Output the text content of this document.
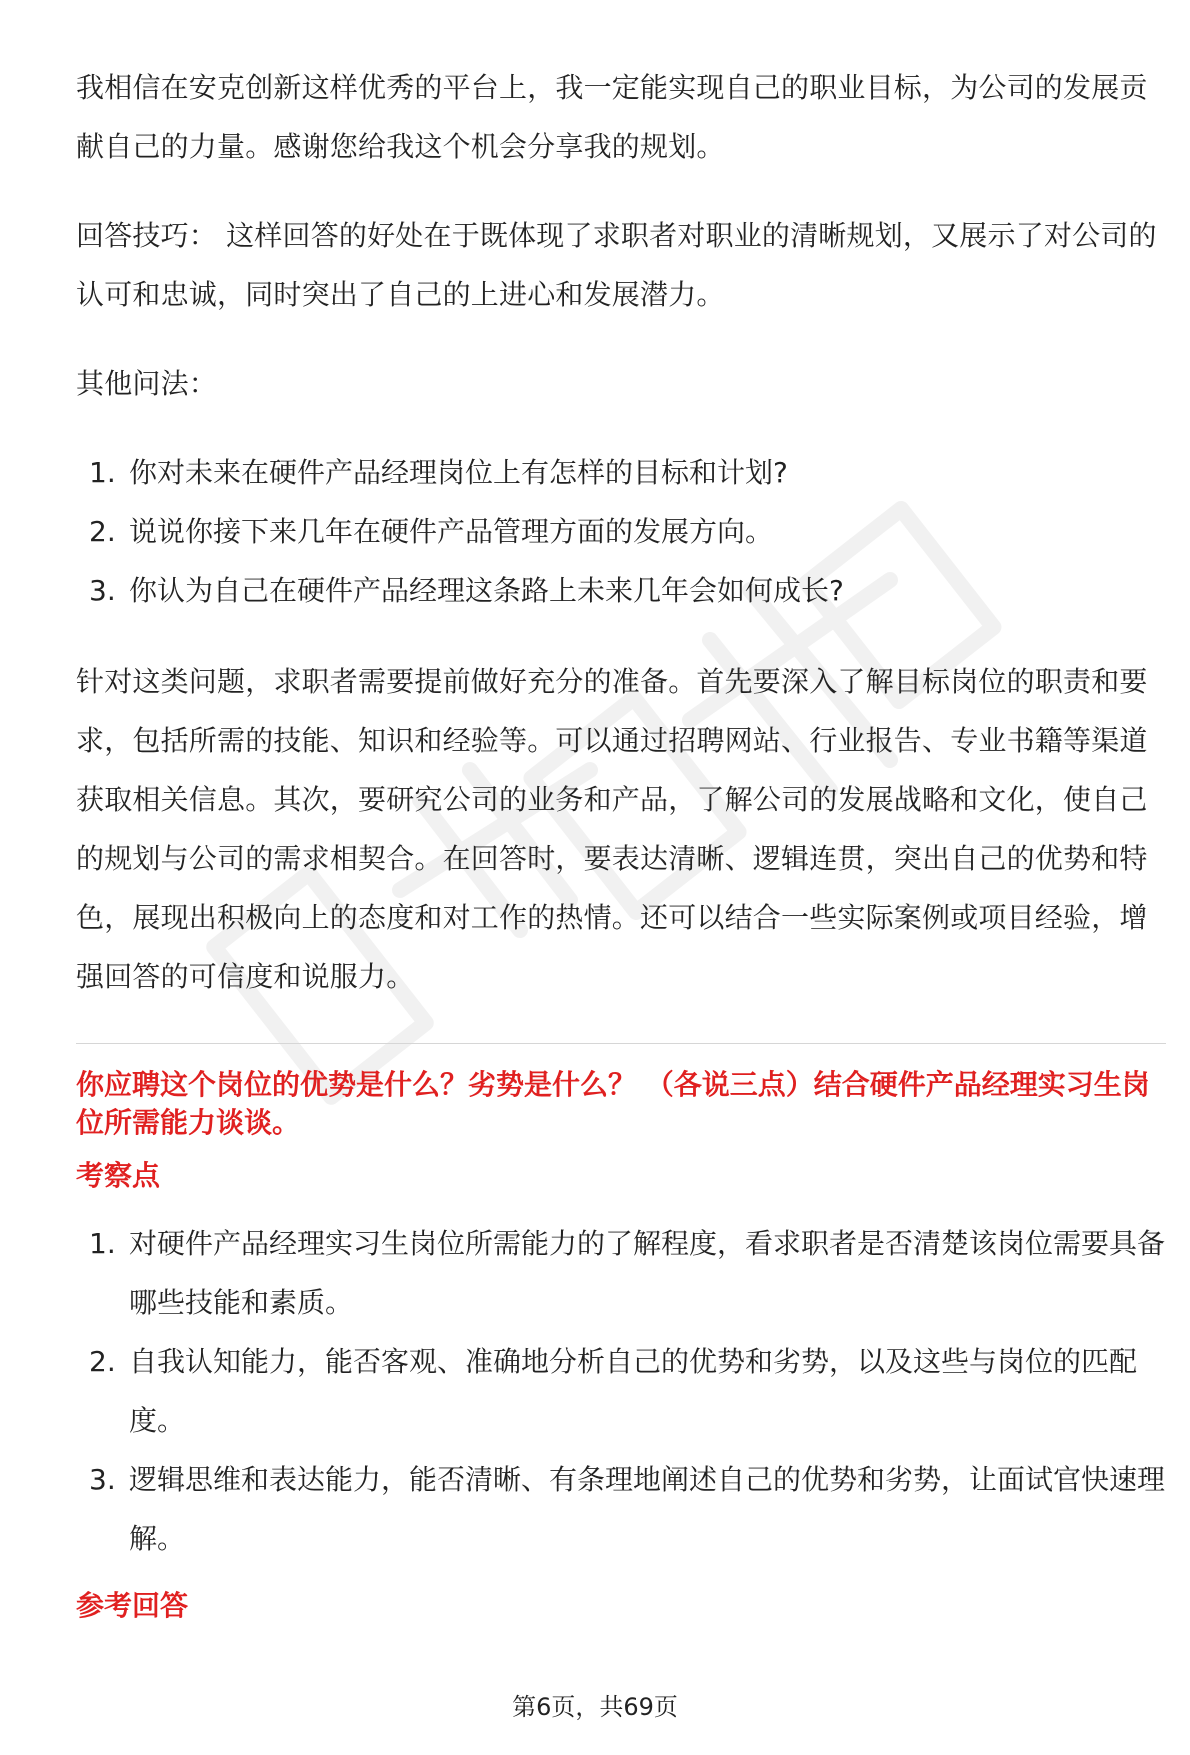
我相信在安克创新这样优秀的平台上，我一定能实现自己的职业目标，为公司的发展贡献自己的力量。感谢您给我这个机会分享我的规划。

回答技巧： 这样回答的好处在于既体现了求职者对职业的清晰规划，又展示了对公司的认可和忠诚，同时突出了自己的上进心和发展潜力。

其他问法：

1. 你对未来在硬件产品经理岗位上有怎样的目标和计划?
2. 说说你接下来几年在硬件产品管理方面的发展方向。
3. 你认为自己在硬件产品经理这条路上未来几年会如何成长?

针对这类问题，求职者需要提前做好充分的准备。首先要深入了解目标岗位的职责和要求，包括所需的技能、知识和经验等。可以通过招聘网站、行业报告、专业书籍等渠道获取相关信息。其次，要研究公司的业务和产品，了解公司的发展战略和文化，使自己的规划与公司的需求相契合。在回答时，要表达清晰、逻辑连贯，突出自己的优势和特色，展现出积极向上的态度和对工作的热情。还可以结合一些实际案例或项目经验，增强回答的可信度和说服力。

你应聘这个岗位的优势是什么？劣势是什么？ （各说三点）结合硬件产品经理实习生岗位所需能力谈谈。

考察点

1. 对硬件产品经理实习生岗位所需能力的了解程度，看求职者是否清楚该岗位需要具备哪些技能和素质。
2. 自我认知能力，能否客观、准确地分析自己的优势和劣势，以及这些与岗位的匹配度。
3. 逻辑思维和表达能力，能否清晰、有条理地阐述自己的优势和劣势，让面试官快速理解。

参考回答

第6页，共69页
